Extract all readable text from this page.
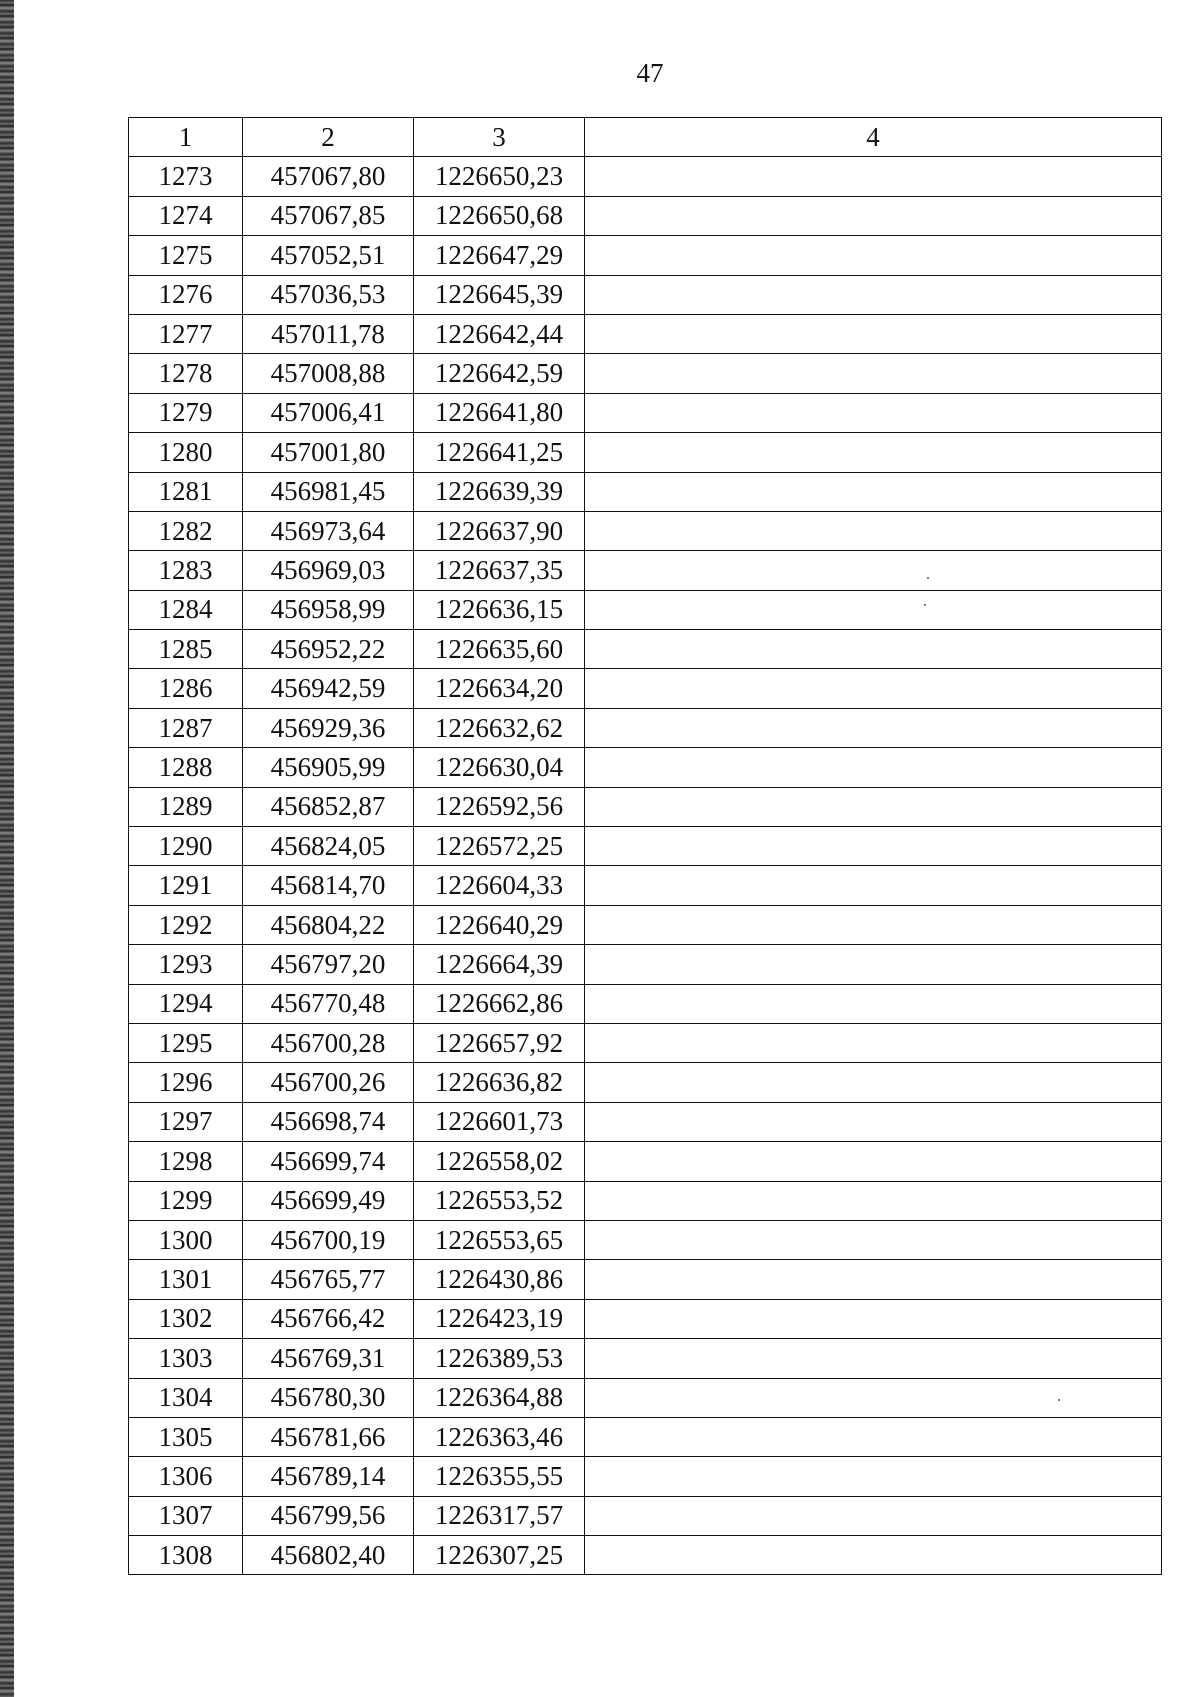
47
1	2	3	4
1273	457067,80	1226650,23	
1274	457067,85	1226650,68	
1275	457052,51	1226647,29	
1276	457036,53	1226645,39	
1277	457011,78	1226642,44	
1278	457008,88	1226642,59	
1279	457006,41	1226641,80	
1280	457001,80	1226641,25	
1281	456981,45	1226639,39	
1282	456973,64	1226637,90	
1283	456969,03	1226637,35	
1284	456958,99	1226636,15	
1285	456952,22	1226635,60	
1286	456942,59	1226634,20	
1287	456929,36	1226632,62	
1288	456905,99	1226630,04	
1289	456852,87	1226592,56	
1290	456824,05	1226572,25	
1291	456814,70	1226604,33	
1292	456804,22	1226640,29	
1293	456797,20	1226664,39	
1294	456770,48	1226662,86	
1295	456700,28	1226657,92	
1296	456700,26	1226636,82	
1297	456698,74	1226601,73	
1298	456699,74	1226558,02	
1299	456699,49	1226553,52	
1300	456700,19	1226553,65	
1301	456765,77	1226430,86	
1302	456766,42	1226423,19	
1303	456769,31	1226389,53	
1304	456780,30	1226364,88	
1305	456781,66	1226363,46	
1306	456789,14	1226355,55	
1307	456799,56	1226317,57	
1308	456802,40	1226307,25	
